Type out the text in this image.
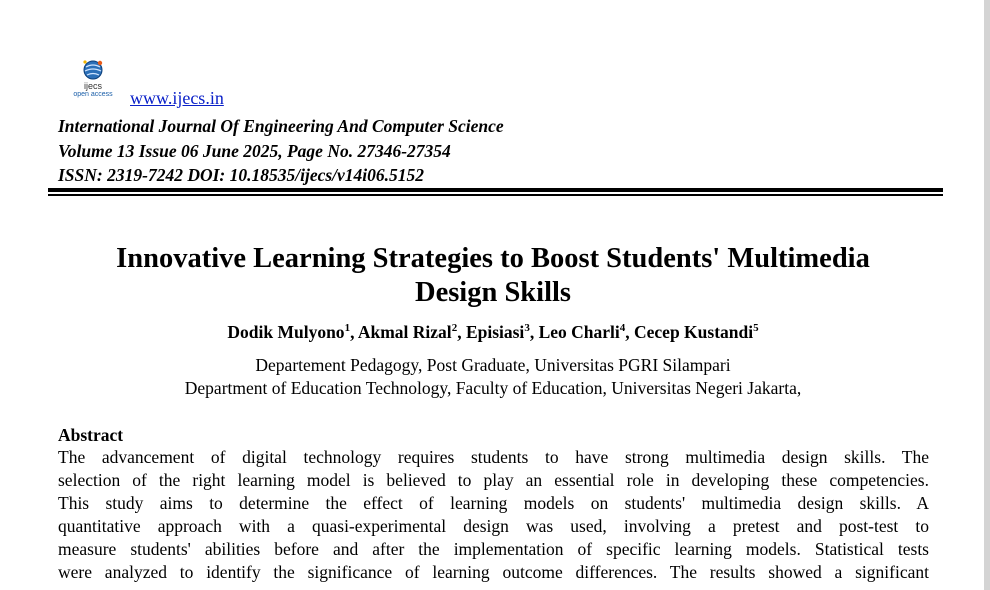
ijecs
open access www.ijecs.in
International Journal Of Engineering And Computer Science
Volume 13 Issue 06 June 2025, Page No. 27346-27354
ISSN: 2319-7242 DOI: 10.18535/ijecs/v14i06.5152
Innovative Learning Strategies to Boost Students' Multimedia
Design Skills
Dodik Mulyono$^1$, Akmal Rizal$^2$, Episiasi$^3$, Leo Charli$^4$, Cecep Kustandi$^5$
Departement Pedagogy, Post Graduate, Universitas PGRI Silampari
Department of Education Technology, Faculty of Education, Universitas Negeri Jakarta,
Abstract
The advancement of digital technology requires students to have strong multimedia design skills. The
selection of the right learning model is believed to play an essential role in developing these competencies.
This study aims to determine the effect of learning models on students' multimedia design skills. A
quantitative approach with a quasi-experimental design was used, involving a pretest and post-test to
measure students' abilities before and after the implementation of specific learning models. Statistical tests
were analyzed to identify the significance of learning outcome differences. The results showed a significant
